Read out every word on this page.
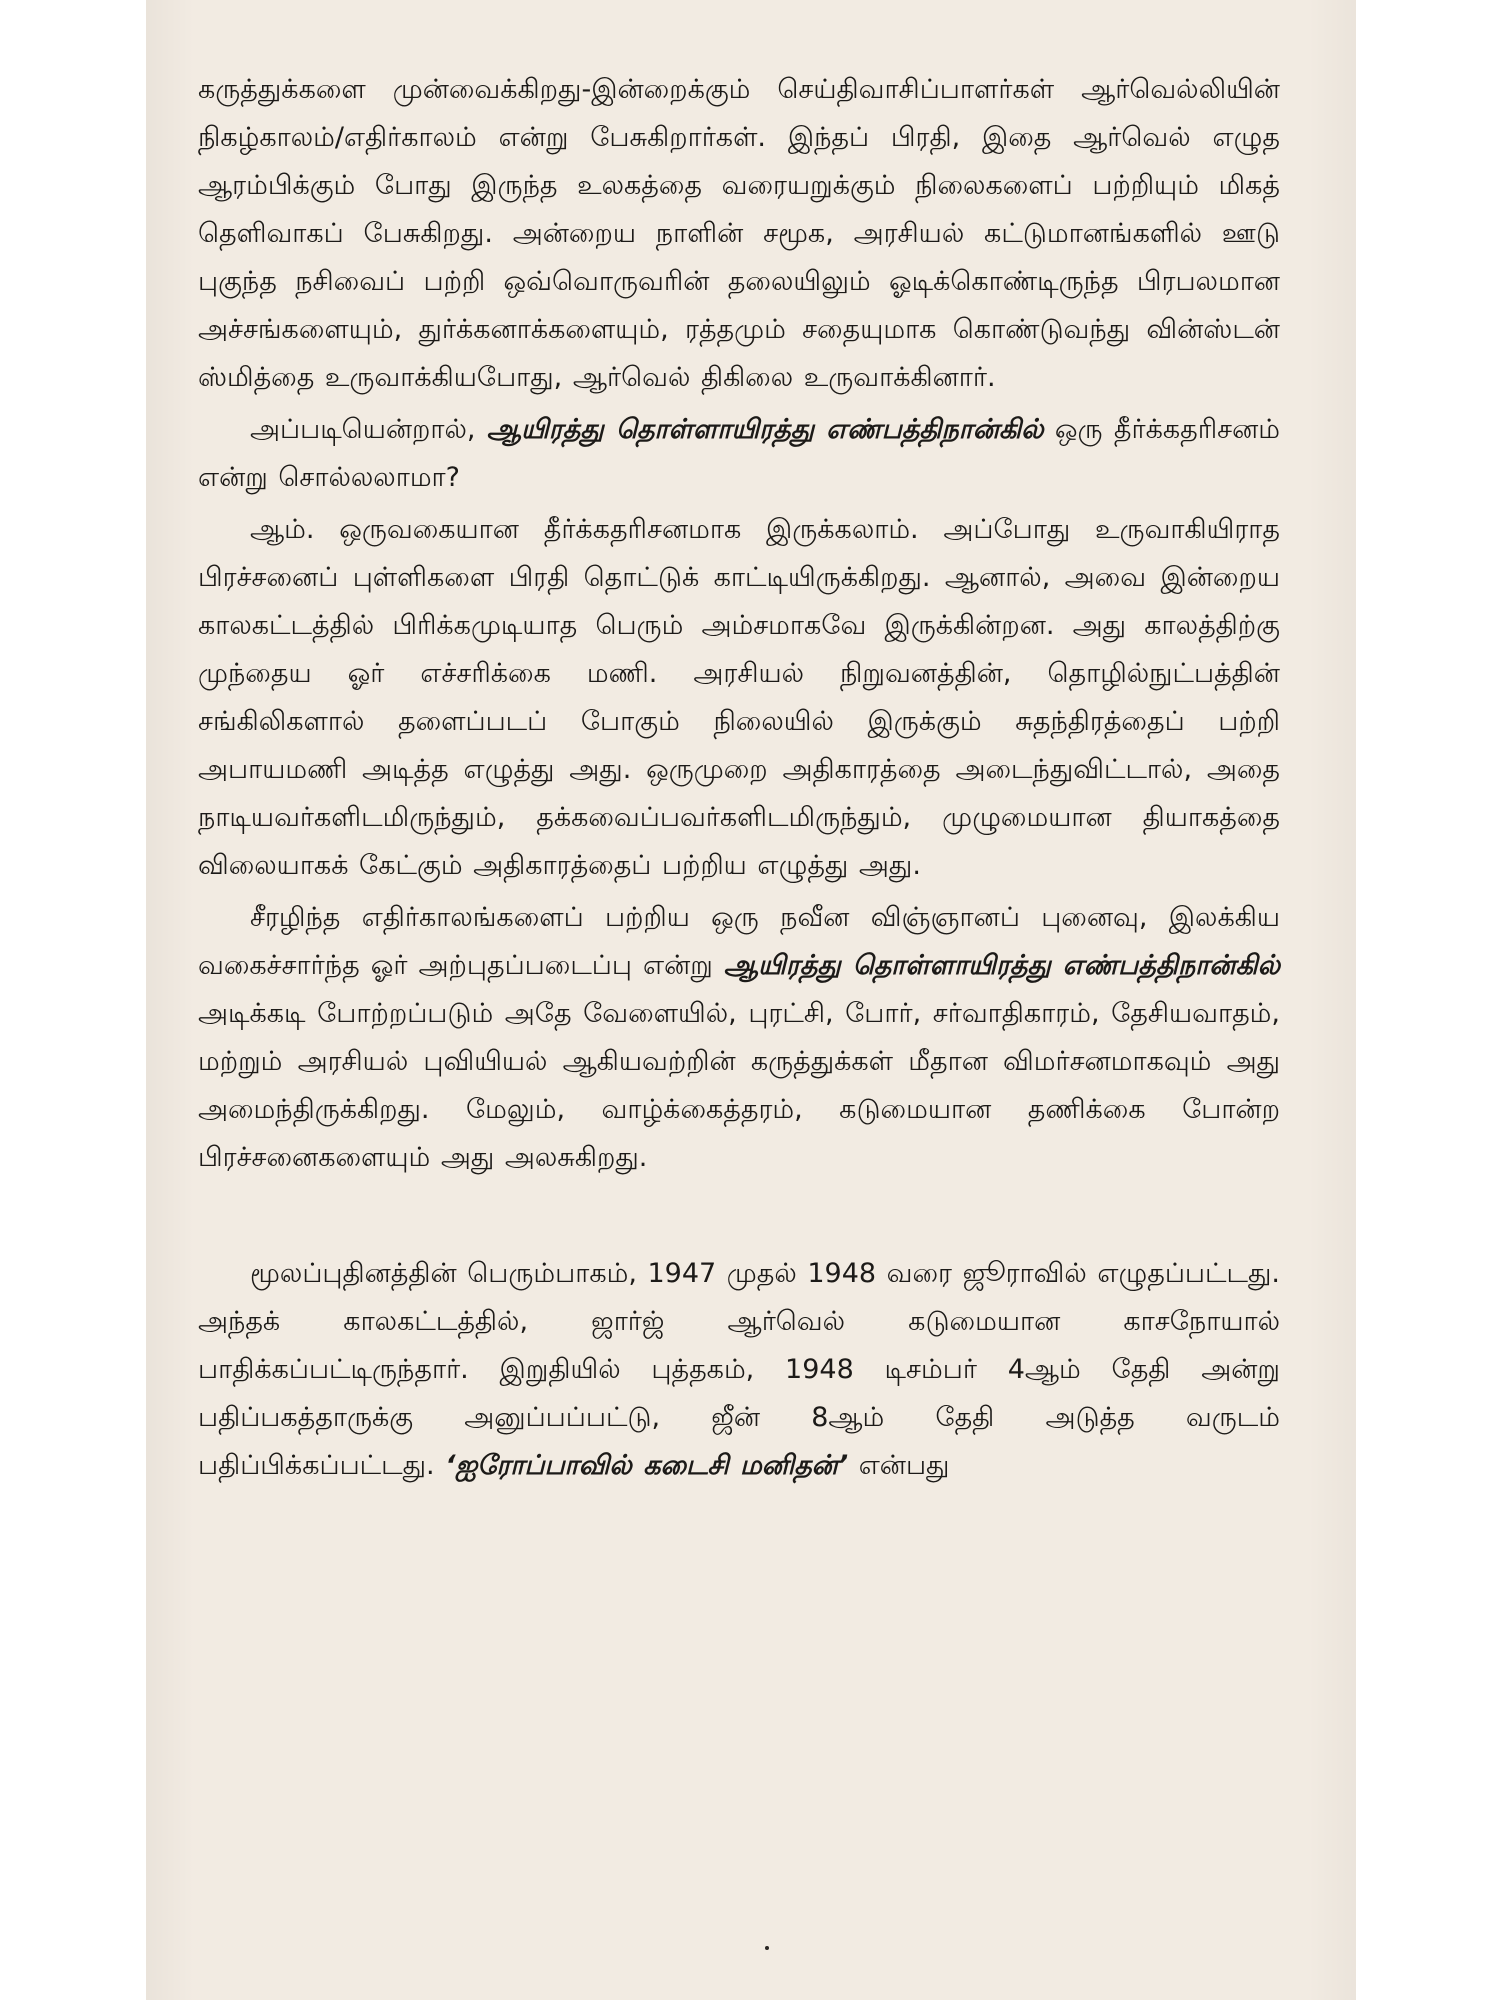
கருத்துக்களை முன்வைக்கிறது-இன்றைக்கும் செய்திவாசிப்பாளர்கள் ஆர்வெல்லியின் நிகழ்காலம்/எதிர்காலம் என்று பேசுகிறார்கள். இந்தப் பிரதி, இதை ஆர்வெல் எழுத ஆரம்பிக்கும் போது இருந்த உலகத்தை வரையறுக்கும் நிலைகளைப் பற்றியும் மிகத் தெளிவாகப் பேசுகிறது. அன்றைய நாளின் சமூக, அரசியல் கட்டுமானங்களில் ஊடு புகுந்த நசிவைப் பற்றி ஒவ்வொருவரின் தலையிலும் ஓடிக்கொண்டிருந்த பிரபலமான அச்சங்களையும், துர்க்கனாக்களையும், ரத்தமும் சதையுமாக கொண்டுவந்து வின்ஸ்டன் ஸ்மித்தை உருவாக்கியபோது, ஆர்வெல் திகிலை உருவாக்கினார்.

அப்படியென்றால், ஆயிரத்து தொள்ளாயிரத்து எண்பத்திநான்கில் ஒரு தீர்க்கதரிசனம் என்று சொல்லலாமா?

ஆம். ஒருவகையான தீர்க்கதரிசனமாக இருக்கலாம். அப்போது உருவாகியிராத பிரச்சனைப் புள்ளிகளை பிரதி தொட்டுக் காட்டியிருக்கிறது. ஆனால், அவை இன்றைய காலகட்டத்தில் பிரிக்கமுடியாத பெரும் அம்சமாகவே இருக்கின்றன. அது காலத்திற்கு முந்தைய ஓர் எச்சரிக்கை மணி. அரசியல் நிறுவனத்தின், தொழில்நுட்பத்தின் சங்கிலிகளால் தளைப்படப் போகும் நிலையில் இருக்கும் சுதந்திரத்தைப் பற்றி அபாயமணி அடித்த எழுத்து அது. ஒருமுறை அதிகாரத்தை அடைந்துவிட்டால், அதை நாடியவர்களிடமிருந்தும், தக்கவைப்பவர்களிடமிருந்தும், முழுமையான தியாகத்தை விலையாகக் கேட்கும் அதிகாரத்தைப் பற்றிய எழுத்து அது.

சீரழிந்த எதிர்காலங்களைப் பற்றிய ஒரு நவீன விஞ்ஞானப் புனைவு, இலக்கிய வகைச்சார்ந்த ஓர் அற்புதப்படைப்பு என்று ஆயிரத்து தொள்ளாயிரத்து எண்பத்திநான்கில் அடிக்கடி போற்றப்படும் அதே வேளையில், புரட்சி, போர், சர்வாதிகாரம், தேசியவாதம், மற்றும் அரசியல் புவியியல் ஆகியவற்றின் கருத்துக்கள் மீதான விமர்சனமாகவும் அது அமைந்திருக்கிறது. மேலும், வாழ்க்கைத்தரம், கடுமையான தணிக்கை போன்ற பிரச்சனைகளையும் அது அலசுகிறது.

மூலப்புதினத்தின் பெரும்பாகம், 1947 முதல் 1948 வரை ஜூராவில் எழுதப்பட்டது. அந்தக் காலகட்டத்தில், ஜார்ஜ் ஆர்வெல் கடுமையான காசநோயால் பாதிக்கப்பட்டிருந்தார். இறுதியில் புத்தகம், 1948 டிசம்பர் 4ஆம் தேதி அன்று பதிப்பகத்தாருக்கு அனுப்பப்பட்டு, ஜீன் 8ஆம் தேதி அடுத்த வருடம் பதிப்பிக்கப்பட்டது. ‘ஐரோப்பாவில் கடைசி மனிதன்’ என்பது
